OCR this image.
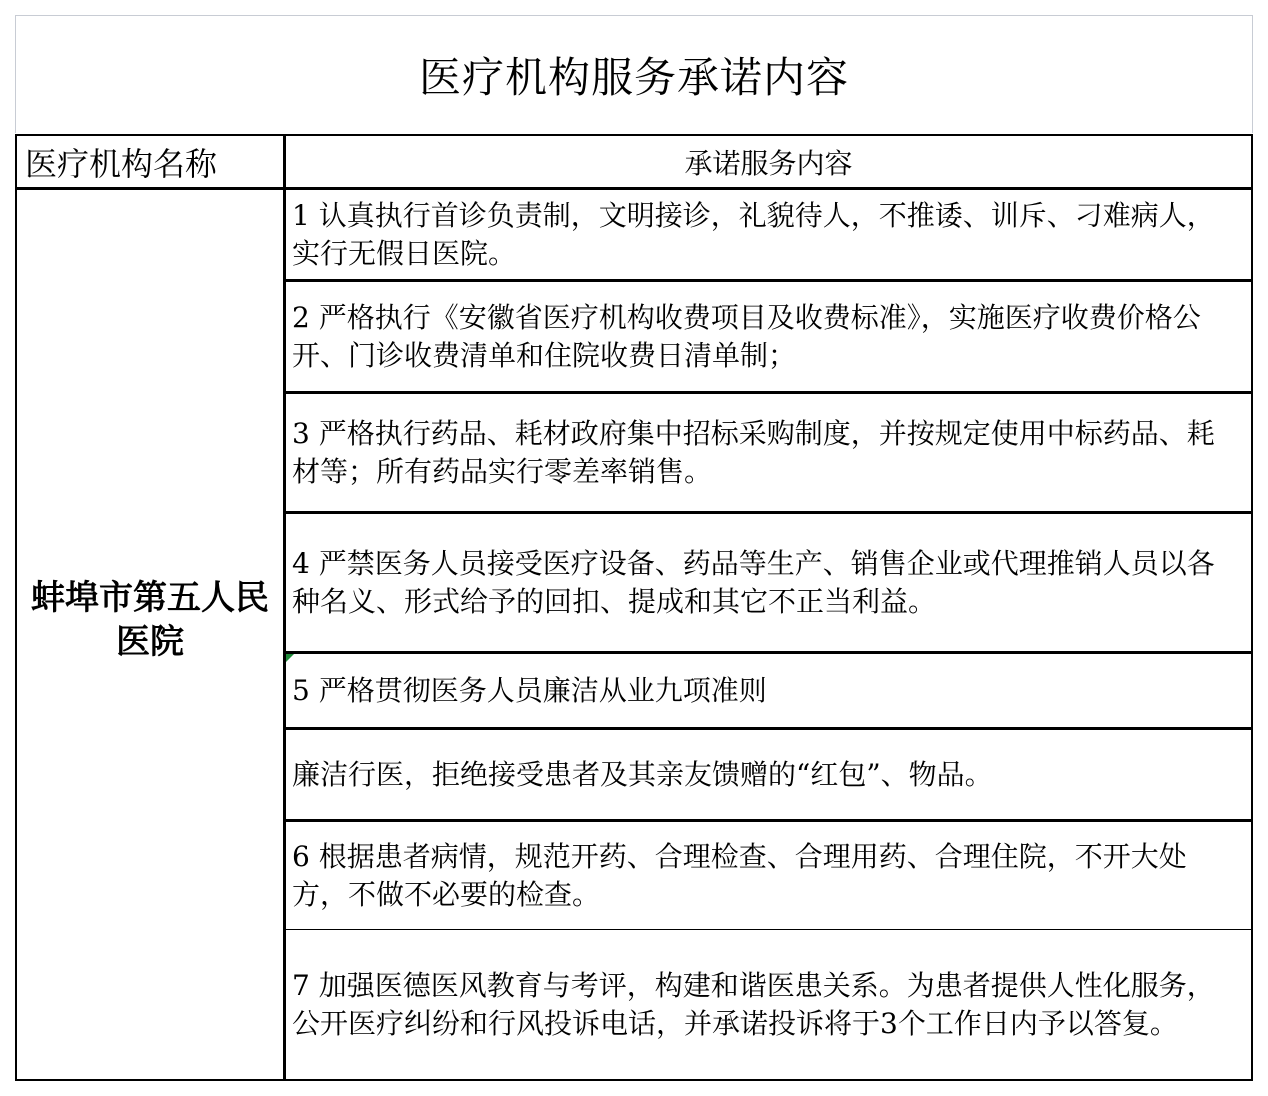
医疗机构服务承诺内容
医疗机构名称	承诺服务内容
蚌埠市第五人民医院
1 认真执行首诊负责制，文明接诊，礼貌待人，不推诿、训斥、刁难病人，实行无假日医院。
2 严格执行《安徽省医疗机构收费项目及收费标准》，实施医疗收费价格公开、门诊收费清单和住院收费日清单制；
3 严格执行药品、耗材政府集中招标采购制度，并按规定使用中标药品、耗材等；所有药品实行零差率销售。
4 严禁医务人员接受医疗设备、药品等生产、销售企业或代理推销人员以各种名义、形式给予的回扣、提成和其它不正当利益。
5 严格贯彻医务人员廉洁从业九项准则
廉洁行医，拒绝接受患者及其亲友馈赠的“红包”、物品。
6 根据患者病情，规范开药、合理检查、合理用药、合理住院，不开大处方，不做不必要的检查。
7 加强医德医风教育与考评，构建和谐医患关系。为患者提供人性化服务，公开医疗纠纷和行风投诉电话，并承诺投诉将于3个工作日内予以答复。
